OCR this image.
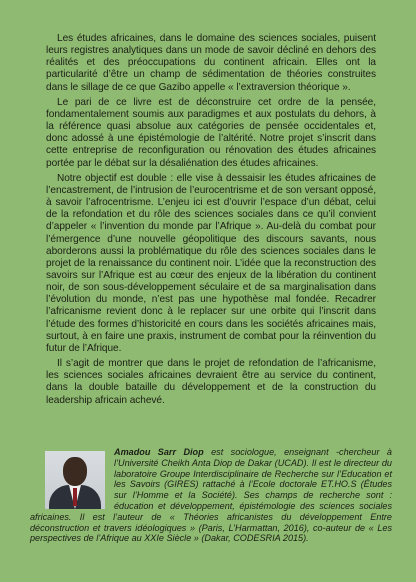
Les études africaines, dans le domaine des sciences sociales, puisent leurs registres analytiques dans un mode de savoir décliné en dehors des réalités et des préoccupations du continent africain. Elles ont la particularité d’être un champ de sédimentation de théories construites dans le sillage de ce que Gazibo appelle « l’extraversion théorique ».

Le pari de ce livre est de déconstruire cet ordre de la pensée, fondamentalement soumis aux paradigmes et aux postulats du dehors, à la référence quasi absolue aux catégories de pensée occidentales et, donc adossé à une épistémologie de l’altérité. Notre projet s’inscrit dans cette entreprise de reconfiguration ou rénovation des études africaines portée par le débat sur la désaliénation des études africaines.

Notre objectif est double : elle vise à dessaisir les études africaines de l’encastrement, de l’intrusion de l’eurocentrisme et de son versant opposé, à savoir l’afrocentrisme. L’enjeu ici est d’ouvrir l’espace d’un débat, celui de la refondation et du rôle des sciences sociales dans ce qu’il convient d’appeler « l’invention du monde par l’Afrique ». Au-delà du combat pour l’émergence d’une nouvelle géopolitique des discours savants, nous aborderons aussi la problématique du rôle des sciences sociales dans le projet de la renaissance du continent noir. L’idée que la reconstruction des savoirs sur l’Afrique est au cœur des enjeux de la libération du continent noir, de son sous-développement séculaire et de sa marginalisation dans l’évolution du monde, n’est pas une hypothèse mal fondée. Recadrer l’africanisme revient donc à le replacer sur une orbite qui l’inscrit dans l’étude des formes d’historicité en cours dans les sociétés africaines mais, surtout, à en faire une praxis, instrument de combat pour la réinvention du futur de l’Afrique.

Il s’agit de montrer que dans le projet de refondation de l’africanisme, les sciences sociales africaines devraient être au service du continent, dans la double bataille du développement et de la construction du leadership africain achevé.

Amadou Sarr Diop est sociologue, enseignant -chercheur à l’Université Cheikh Anta Diop de Dakar (UCAD). Il est le directeur du laboratoire Groupe Interdisciplinaire de Recherche sur l’Education et les Savoirs (GIRES) rattaché à l’Ecole doctorale ET.HO.S (Études sur l’Homme et la Société). Ses champs de recherche sont : éducation et développement, épistémologie des sciences sociales africaines. Il est l’auteur de « Théories africanistes du développement Entre déconstruction et travers idéologiques » (Paris, L’Harmattan, 2016), co-auteur de « Les perspectives de l’Afrique au XXIe Siècle » (Dakar, CODESRIA 2015).
